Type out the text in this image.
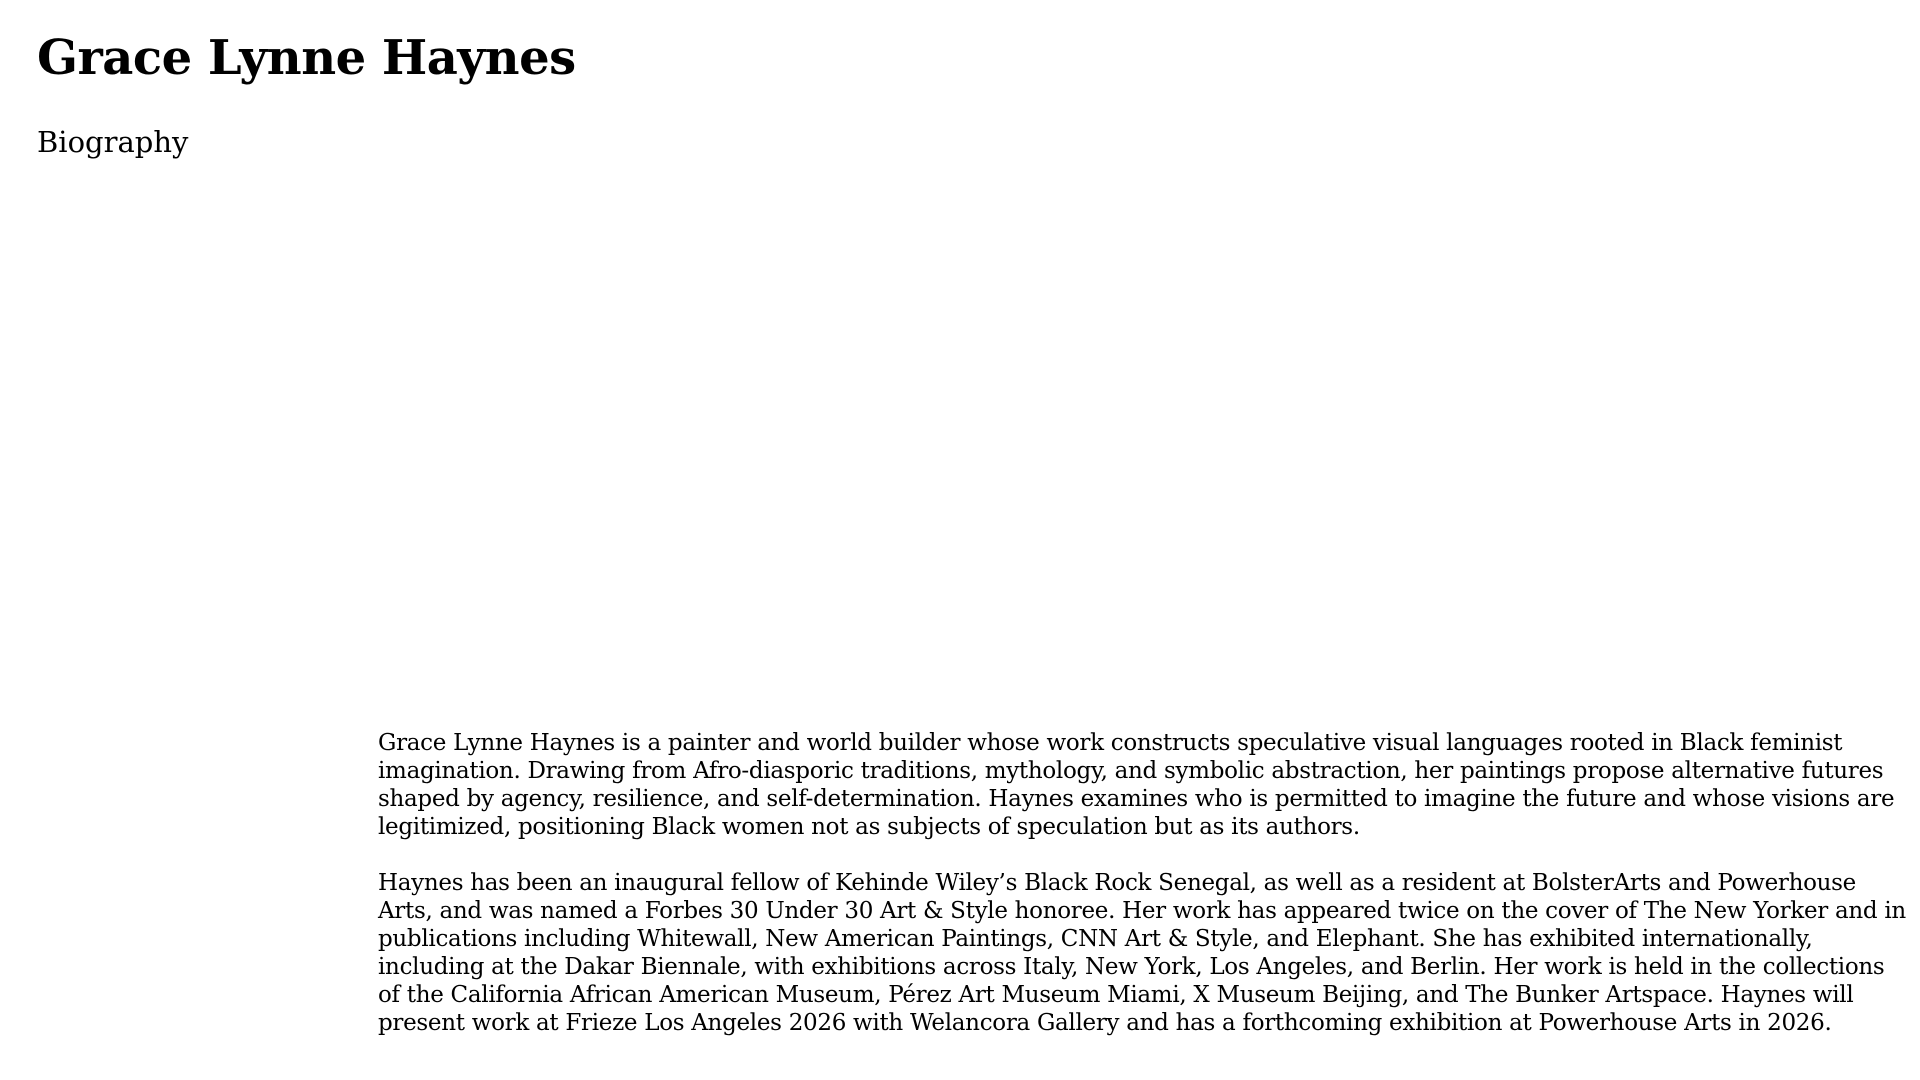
Grace Lynne Haynes
Biography

Grace Lynne Haynes is a painter and world builder whose work constructs speculative visual languages rooted in Black feminist imagination. Drawing from Afro-diasporic traditions, mythology, and symbolic abstraction, her paintings propose alternative futures shaped by agency, resilience, and self-determination. Haynes examines who is permitted to imagine the future and whose visions are legitimized, positioning Black women not as subjects of speculation but as its authors.

Haynes has been an inaugural fellow of Kehinde Wiley’s Black Rock Senegal, as well as a resident at BolsterArts and Powerhouse Arts, and was named a Forbes 30 Under 30 Art & Style honoree. Her work has appeared twice on the cover of The New Yorker and in publications including Whitewall, New American Paintings, CNN Art & Style, and Elephant. She has exhibited internationally, including at the Dakar Biennale, with exhibitions across Italy, New York, Los Angeles, and Berlin. Her work is held in the collections of the California African American Museum, Pérez Art Museum Miami, X Museum Beijing, and The Bunker Artspace. Haynes will present work at Frieze Los Angeles 2026 with Welancora Gallery and has a forthcoming exhibition at Powerhouse Arts in 2026.
